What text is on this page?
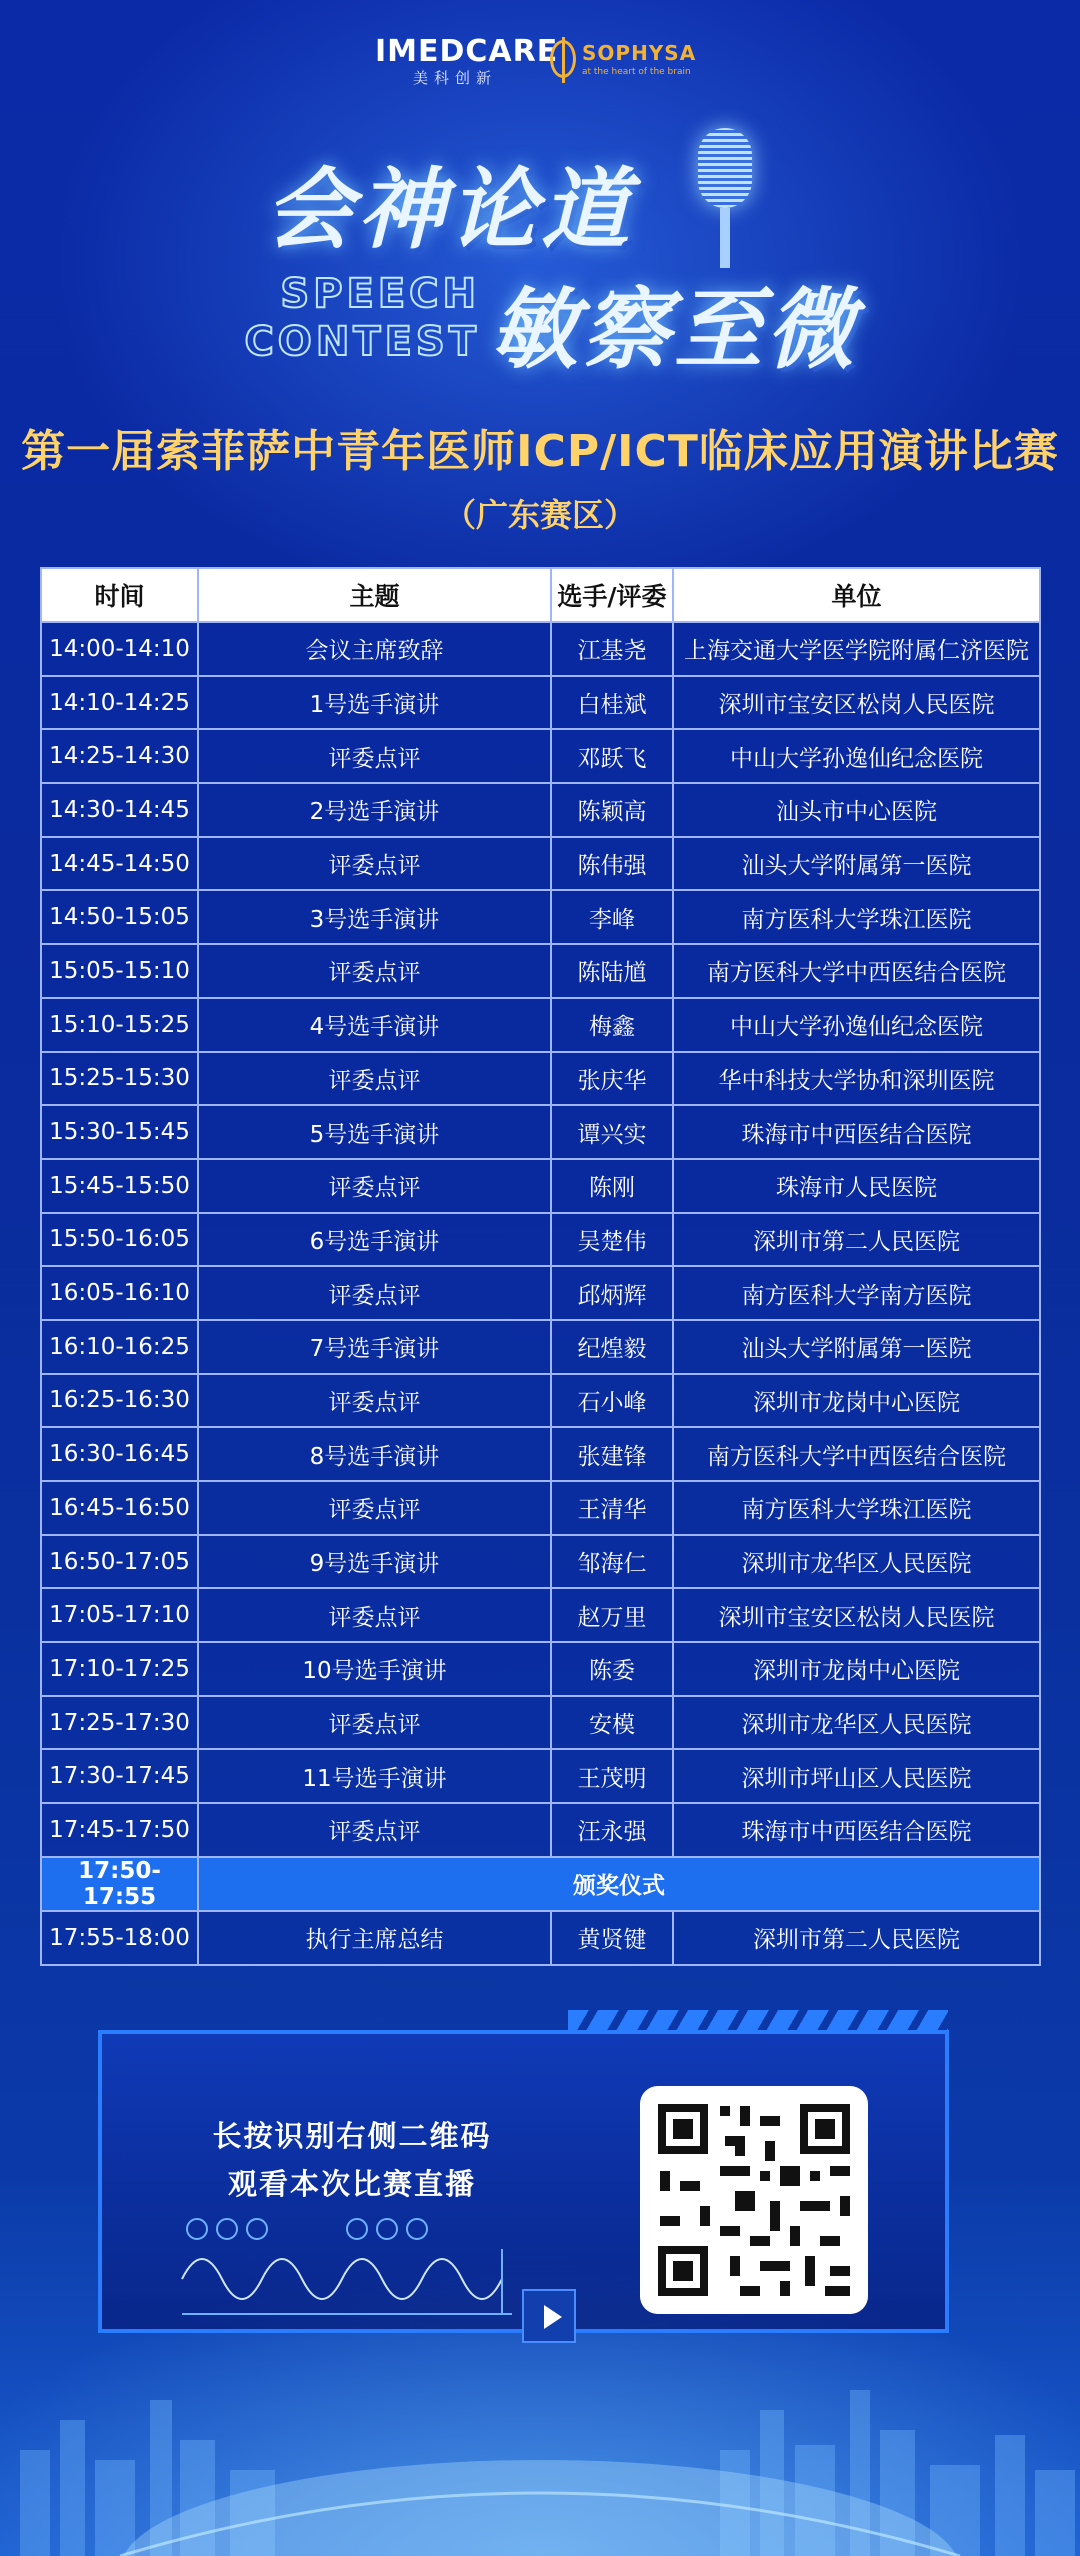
IMEDCARE
美科创新
SOPHYSA
at the heart of the brain
会神论道
SPEECH
CONTEST 敏察至微
第一届索菲萨中青年医师ICP/ICT临床应用演讲比赛
（广东赛区）
时间	主题	选手/评委	单位
14:00-14:10	会议主席致辞	江基尧	上海交通大学医学院附属仁济医院
14:10-14:25	1号选手演讲	白桂斌	深圳市宝安区松岗人民医院
14:25-14:30	评委点评	邓跃飞	中山大学孙逸仙纪念医院
14:30-14:45	2号选手演讲	陈颖高	汕头市中心医院
14:45-14:50	评委点评	陈伟强	汕头大学附属第一医院
14:50-15:05	3号选手演讲	李峰	南方医科大学珠江医院
15:05-15:10	评委点评	陈陆馗	南方医科大学中西医结合医院
15:10-15:25	4号选手演讲	梅鑫	中山大学孙逸仙纪念医院
15:25-15:30	评委点评	张庆华	华中科技大学协和深圳医院
15:30-15:45	5号选手演讲	谭兴实	珠海市中西医结合医院
15:45-15:50	评委点评	陈刚	珠海市人民医院
15:50-16:05	6号选手演讲	吴楚伟	深圳市第二人民医院
16:05-16:10	评委点评	邱炳辉	南方医科大学南方医院
16:10-16:25	7号选手演讲	纪煌毅	汕头大学附属第一医院
16:25-16:30	评委点评	石小峰	深圳市龙岗中心医院
16:30-16:45	8号选手演讲	张建锋	南方医科大学中西医结合医院
16:45-16:50	评委点评	王清华	南方医科大学珠江医院
16:50-17:05	9号选手演讲	邹海仁	深圳市龙华区人民医院
17:05-17:10	评委点评	赵万里	深圳市宝安区松岗人民医院
17:10-17:25	10号选手演讲	陈委	深圳市龙岗中心医院
17:25-17:30	评委点评	安模	深圳市龙华区人民医院
17:30-17:45	11号选手演讲	王茂明	深圳市坪山区人民医院
17:45-17:50	评委点评	汪永强	珠海市中西医结合医院
17:50-17:55	颁奖仪式		
17:55-18:00	执行主席总结	黄贤键	深圳市第二人民医院
长按识别右侧二维码
观看本次比赛直播
